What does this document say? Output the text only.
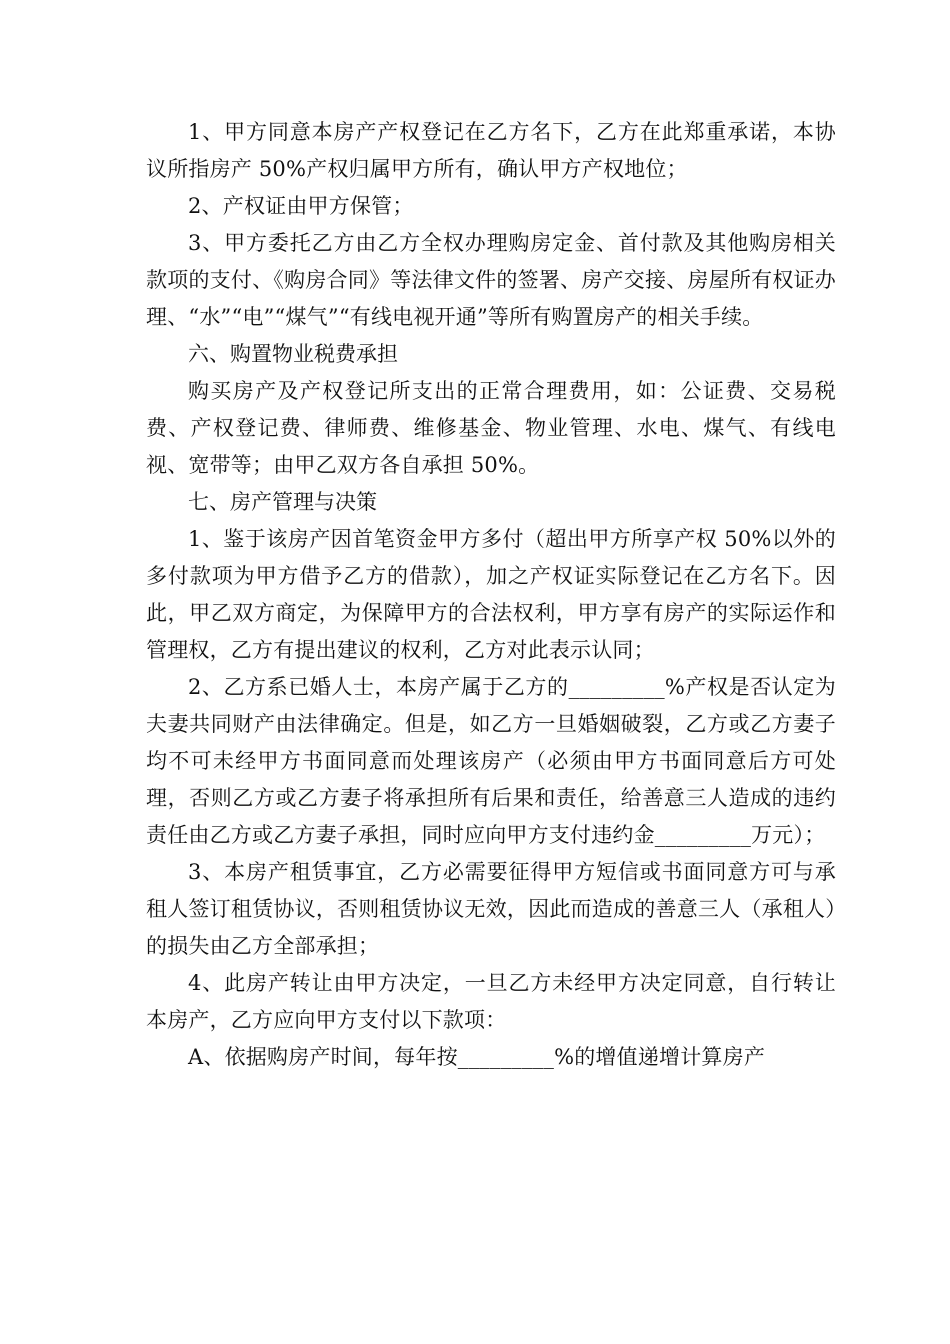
1、甲方同意本房产产权登记在乙方名下，乙方在此郑重承诺，本协议所指房产 50%产权归属甲方所有，确认甲方产权地位；

2、产权证由甲方保管；

3、甲方委托乙方由乙方全权办理购房定金、首付款及其他购房相关款项的支付、《购房合同》等法律文件的签署、房产交接、房屋所有权证办理、“水”“电”“煤气”“有线电视开通”等所有购置房产的相关手续。

六、购置物业税费承担

购买房产及产权登记所支出的正常合理费用，如：公证费、交易税费、产权登记费、律师费、维修基金、物业管理、水电、煤气、有线电视、宽带等；由甲乙双方各自承担 50%。

七、房产管理与决策

1、鉴于该房产因首笔资金甲方多付（超出甲方所享产权 50%以外的多付款项为甲方借予乙方的借款），加之产权证实际登记在乙方名下。因此，甲乙双方商定，为保障甲方的合法权利，甲方享有房产的实际运作和管理权，乙方有提出建议的权利，乙方对此表示认同；

2、乙方系已婚人士，本房产属于乙方的_________%产权是否认定为夫妻共同财产由法律确定。但是，如乙方一旦婚姻破裂，乙方或乙方妻子均不可未经甲方书面同意而处理该房产（必须由甲方书面同意后方可处理，否则乙方或乙方妻子将承担所有后果和责任，给善意三人造成的违约责任由乙方或乙方妻子承担，同时应向甲方支付违约金_________万元）；

3、本房产租赁事宜，乙方必需要征得甲方短信或书面同意方可与承租人签订租赁协议，否则租赁协议无效，因此而造成的善意三人（承租人）的损失由乙方全部承担；

4、此房产转让由甲方决定，一旦乙方未经甲方决定同意，自行转让本房产，乙方应向甲方支付以下款项：

A、依据购房产时间，每年按_________%的增值递增计算房产
